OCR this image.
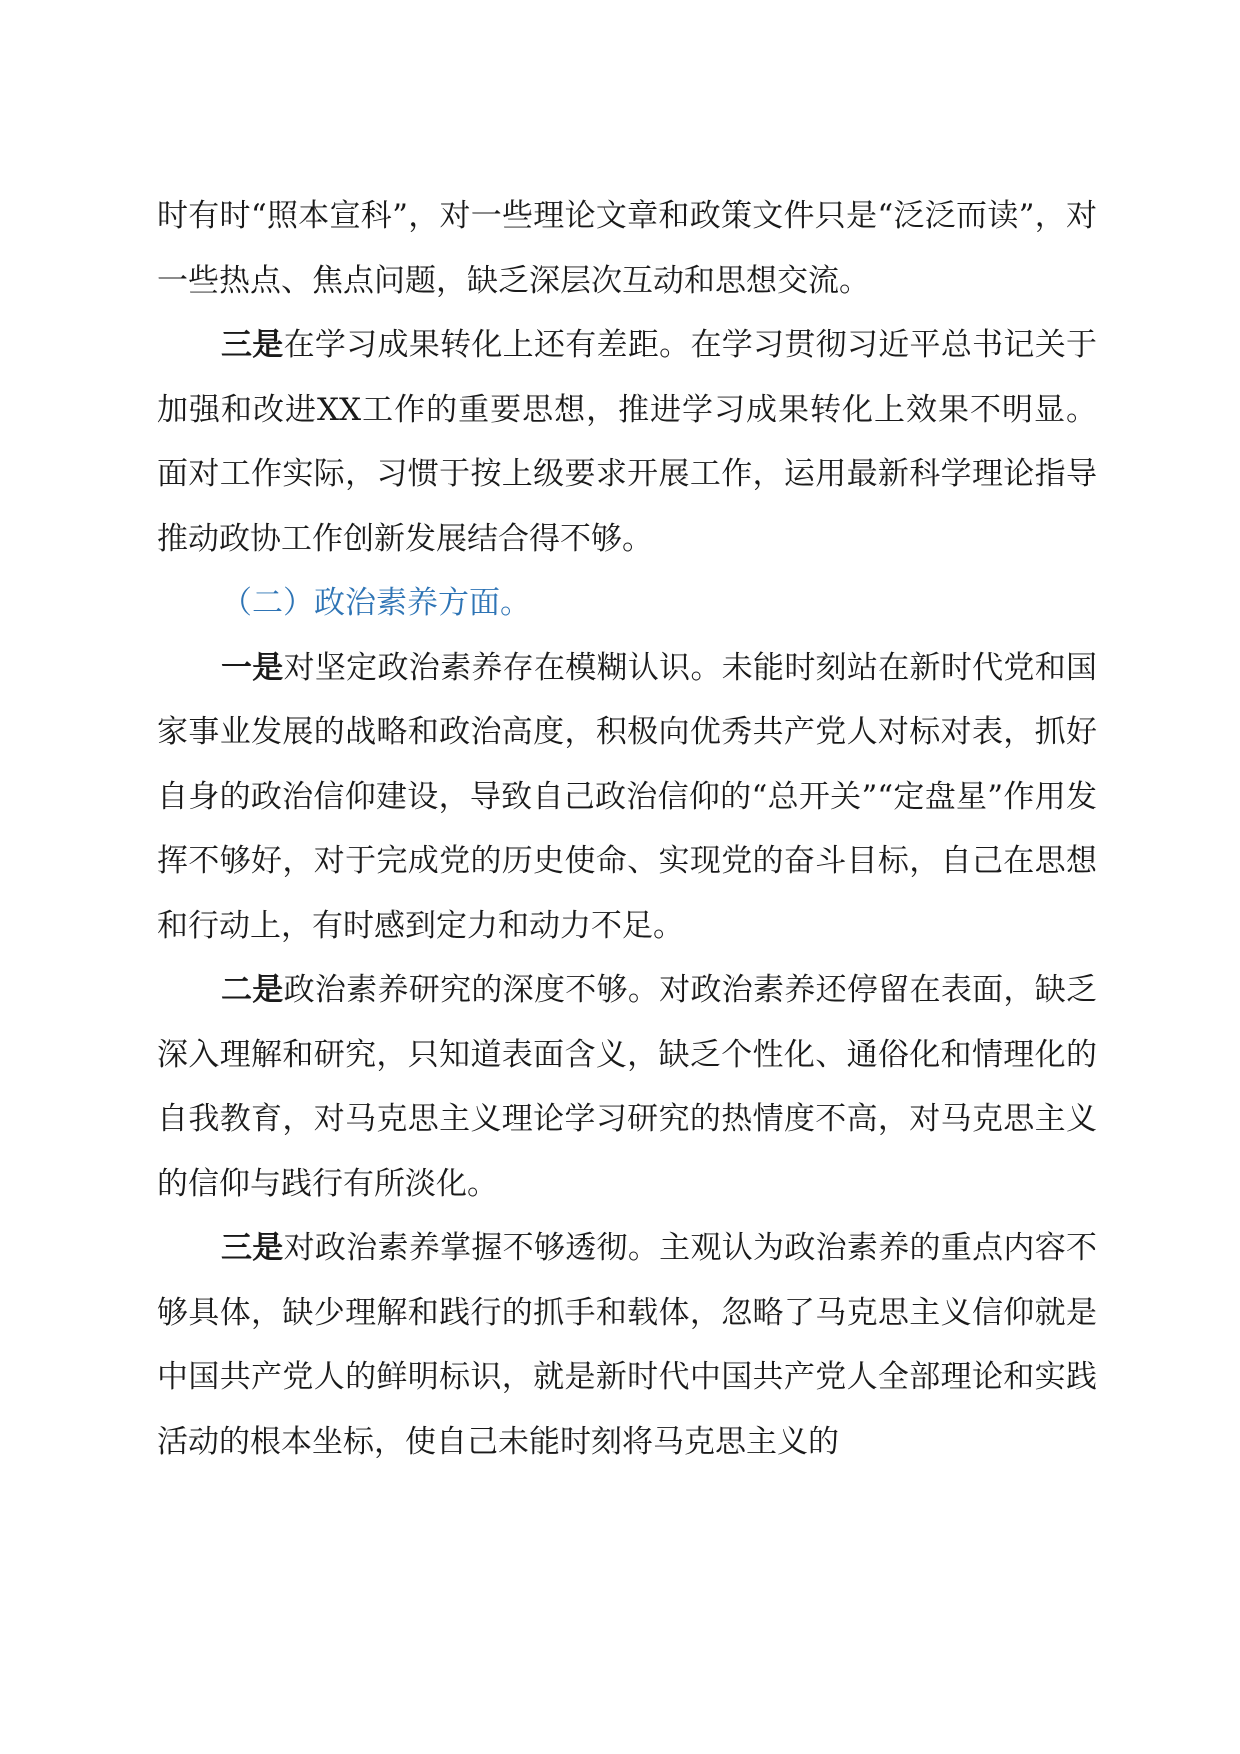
时有时“照本宣科”，对一些理论文章和政策文件只是“泛泛而读”，对一些热点、焦点问题，缺乏深层次互动和思想交流。

三是在学习成果转化上还有差距。在学习贯彻习近平总书记关于加强和改进XX工作的重要思想，推进学习成果转化上效果不明显。面对工作实际，习惯于按上级要求开展工作，运用最新科学理论指导推动政协工作创新发展结合得不够。

（二）政治素养方面。

一是对坚定政治素养存在模糊认识。未能时刻站在新时代党和国家事业发展的战略和政治高度，积极向优秀共产党人对标对表，抓好自身的政治信仰建设，导致自己政治信仰的“总开关”“定盘星”作用发挥不够好，对于完成党的历史使命、实现党的奋斗目标，自己在思想和行动上，有时感到定力和动力不足。

二是政治素养研究的深度不够。对政治素养还停留在表面，缺乏深入理解和研究，只知道表面含义，缺乏个性化、通俗化和情理化的自我教育，对马克思主义理论学习研究的热情度不高，对马克思主义的信仰与践行有所淡化。

三是对政治素养掌握不够透彻。主观认为政治素养的重点内容不够具体，缺少理解和践行的抓手和载体，忽略了马克思主义信仰就是中国共产党人的鲜明标识，就是新时代中国共产党人全部理论和实践活动的根本坐标，使自己未能时刻将马克思主义的
